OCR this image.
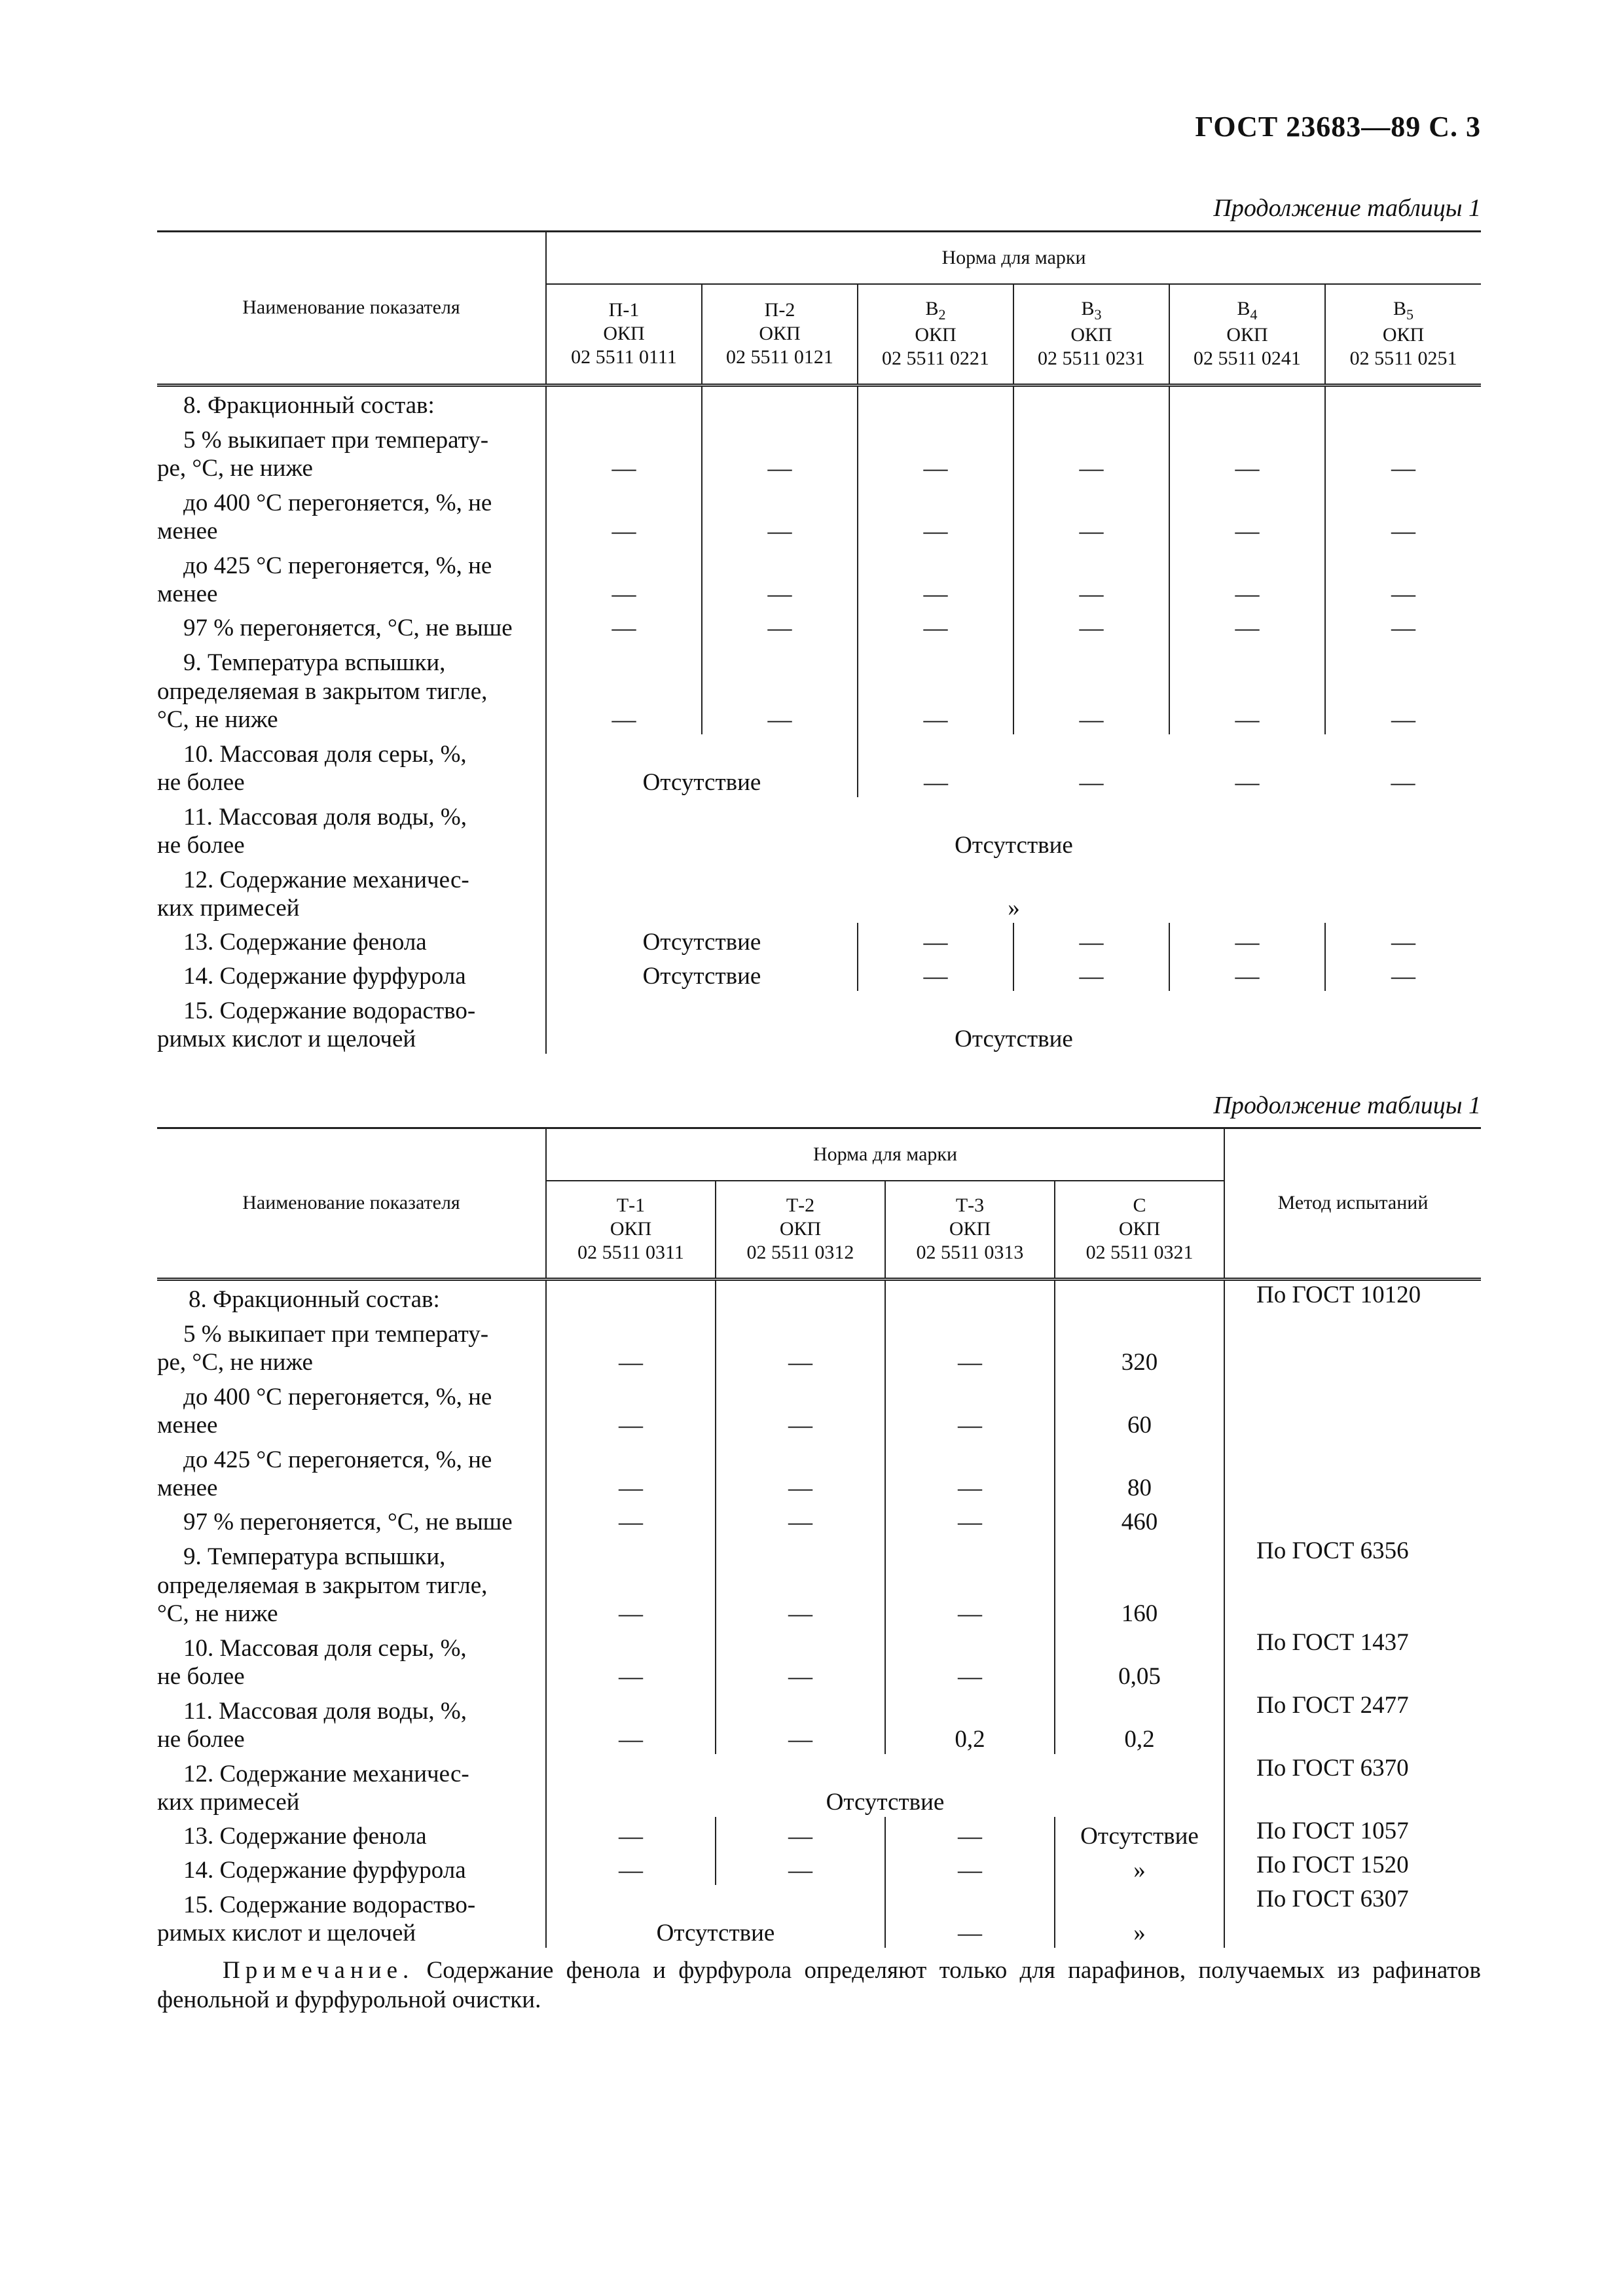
ГОСТ 23683—89 С. 3
Продолжение таблицы 1
Наименование показателя	Норма для марки					
	П-1
ОКП
02 5511 0111	П-2
ОКП
02 5511 0121	$В_2$
ОКП
02 5511 0221	$В_3$
ОКП
02 5511 0231	$В_4$
ОКП
02 5511 0241	$В_5$
ОКП
02 5511 0251
8. Фракционный состав:						

5 % выкипает при температу-
ре, °С, не ниже	—	—	—	—	—	—

до 400 °С перегоняется, %, не
менее	—	—	—	—	—	—

до 425 °С перегоняется, %, не
менее	—	—	—	—	—	—
97 % перегоняется, °С, не выше	—	—	—	—	—	—

9. Температура вспышки,
определяемая в закрытом тигле,
°С, не ниже	—	—	—	—	—	—

10. Массовая доля серы, %,
не более	Отсутствие		—	—	—	—

11. Массовая доля воды, %,
не более	Отсутствие					

12. Содержание механичес-
ких примесей	»					
13. Содержание фенола	Отсутствие		—	—	—	—
14. Содержание фурфурола	Отсутствие		—	—	—	—

15. Содержание водораство-
римых кислот и щелочей	Отсутствие					
Продолжение таблицы 1
Наименование показателя	Норма для марки				Метод испытаний
	Т-1
ОКП
02 5511 0311	Т-2
ОКП
02 5511 0312	Т-3
ОКП
02 5511 0313	С
ОКП
02 5511 0321	
8. Фракционный состав:					По ГОСТ 10120

5 % выкипает при температу-
ре, °С, не ниже	—	—	—	320	

до 400 °С перегоняется, %, не
менее	—	—	—	60	

до 425 °С перегоняется, %, не
менее	—	—	—	80	
97 % перегоняется, °С, не выше	—	—	—	460	

9. Температура вспышки,
определяемая в закрытом тигле,
°С, не ниже	—	—	—	160	По ГОСТ 6356

10. Массовая доля серы, %,
не более	—	—	—	0,05	По ГОСТ 1437

11. Массовая доля воды, %,
не более	—	—	0,2	0,2	По ГОСТ 2477

12. Содержание механичес-
ких примесей	Отсутствие				По ГОСТ 6370
13. Содержание фенола	—	—	—	Отсутствие	По ГОСТ 1057
14. Содержание фурфурола	—	—	—	»	По ГОСТ 1520

15. Содержание водораство-
римых кислот и щелочей	Отсутствие		—	»	По ГОСТ 6307
Примечание. Содержание фенола и фурфурола определяют только для парафинов, получаемых из рафинатов фенольной и фурфурольной очистки.
